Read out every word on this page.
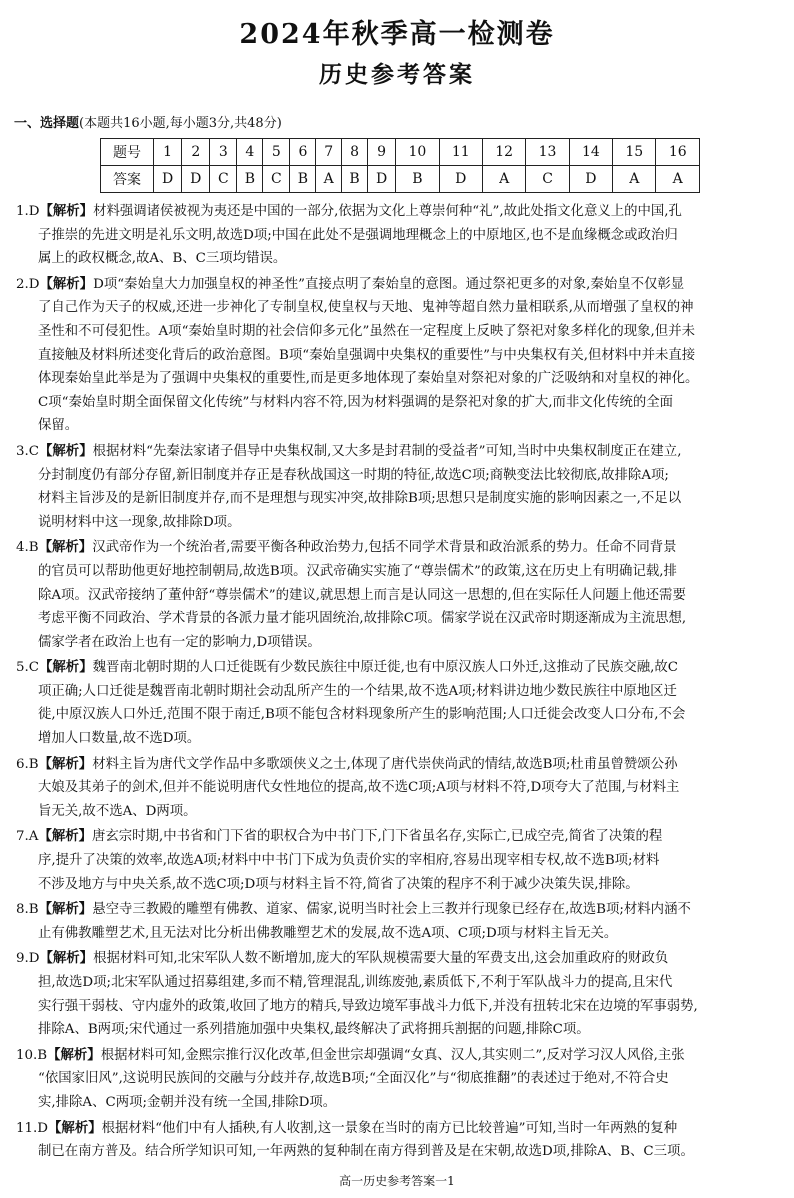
2024年秋季高一检测卷
历史参考答案
一、选择题(本题共16小题,每小题3分,共48分)
题号	1	2	3	4	5	6	7	8	9	10	11	12	13	14	15	16
答案	D	D	C	B	C	B	A	B	D	B	D	A	C	D	A	A
1.D【解析】材料强调诸侯被视为夷还是中国的一部分,依据为文化上尊崇何种“礼”,故此处指文化意义上的中国,孔
子推崇的先进文明是礼乐文明,故选D项;中国在此处不是强调地理概念上的中原地区,也不是血缘概念或政治归
属上的政权概念,故A、B、C三项均错误。
2.D【解析】D项“秦始皇大力加强皇权的神圣性”直接点明了秦始皇的意图。通过祭祀更多的对象,秦始皇不仅彰显
了自己作为天子的权威,还进一步神化了专制皇权,使皇权与天地、鬼神等超自然力量相联系,从而增强了皇权的神
圣性和不可侵犯性。A项“秦始皇时期的社会信仰多元化”虽然在一定程度上反映了祭祀对象多样化的现象,但并未
直接触及材料所述变化背后的政治意图。B项“秦始皇强调中央集权的重要性”与中央集权有关,但材料中并未直接
体现秦始皇此举是为了强调中央集权的重要性,而是更多地体现了秦始皇对祭祀对象的广泛吸纳和对皇权的神化。
C项“秦始皇时期全面保留文化传统”与材料内容不符,因为材料强调的是祭祀对象的扩大,而非文化传统的全面
保留。
3.C【解析】根据材料“先秦法家诸子倡导中央集权制,又大多是封君制的受益者”可知,当时中央集权制度正在建立,
分封制度仍有部分存留,新旧制度并存正是春秋战国这一时期的特征,故选C项;商鞅变法比较彻底,故排除A项;
材料主旨涉及的是新旧制度并存,而不是理想与现实冲突,故排除B项;思想只是制度实施的影响因素之一,不足以
说明材料中这一现象,故排除D项。
4.B【解析】汉武帝作为一个统治者,需要平衡各种政治势力,包括不同学术背景和政治派系的势力。任命不同背景
的官员可以帮助他更好地控制朝局,故选B项。汉武帝确实实施了“尊崇儒术”的政策,这在历史上有明确记载,排
除A项。汉武帝接纳了董仲舒“尊崇儒术”的建议,就思想上而言是认同这一思想的,但在实际任人问题上他还需要
考虑平衡不同政治、学术背景的各派力量才能巩固统治,故排除C项。儒家学说在汉武帝时期逐渐成为主流思想,
儒家学者在政治上也有一定的影响力,D项错误。
5.C【解析】魏晋南北朝时期的人口迁徙既有少数民族往中原迁徙,也有中原汉族人口外迁,这推动了民族交融,故C
项正确;人口迁徙是魏晋南北朝时期社会动乱所产生的一个结果,故不选A项;材料讲边地少数民族往中原地区迁
徙,中原汉族人口外迁,范围不限于南迁,B项不能包含材料现象所产生的影响范围;人口迁徙会改变人口分布,不会
增加人口数量,故不选D项。
6.B【解析】材料主旨为唐代文学作品中多歌颂侠义之士,体现了唐代崇侠尚武的情结,故选B项;杜甫虽曾赞颂公孙
大娘及其弟子的剑术,但并不能说明唐代女性地位的提高,故不选C项;A项与材料不符,D项夸大了范围,与材料主
旨无关,故不选A、D两项。
7.A【解析】唐玄宗时期,中书省和门下省的职权合为中书门下,门下省虽名存,实际亡,已成空壳,简省了决策的程
序,提升了决策的效率,故选A项;材料中中书门下成为负责价实的宰相府,容易出现宰相专权,故不选B项;材料
不涉及地方与中央关系,故不选C项;D项与材料主旨不符,简省了决策的程序不利于减少决策失误,排除。
8.B【解析】悬空寺三教殿的雕塑有佛教、道家、儒家,说明当时社会上三教并行现象已经存在,故选B项;材料内涵不
止有佛教雕塑艺术,且无法对比分析出佛教雕塑艺术的发展,故不选A项、C项;D项与材料主旨无关。
9.D【解析】根据材料可知,北宋军队人数不断增加,庞大的军队规模需要大量的军费支出,这会加重政府的财政负
担,故选D项;北宋军队通过招募组建,多而不精,管理混乱,训练废弛,素质低下,不利于军队战斗力的提高,且宋代
实行强干弱枝、守内虚外的政策,收回了地方的精兵,导致边境军事战斗力低下,并没有扭转北宋在边境的军事弱势,
排除A、B两项;宋代通过一系列措施加强中央集权,最终解决了武将拥兵割据的问题,排除C项。
10.B【解析】根据材料可知,金熙宗推行汉化改革,但金世宗却强调“女真、汉人,其实则二”,反对学习汉人风俗,主张
“依国家旧风”,这说明民族间的交融与分歧并存,故选B项;“全面汉化”与“彻底推翻”的表述过于绝对,不符合史
实,排除A、C两项;金朝并没有统一全国,排除D项。
11.D【解析】根据材料“他们中有人插秧,有人收割,这一景象在当时的南方已比较普遍”可知,当时一年两熟的复种
制已在南方普及。结合所学知识可知,一年两熟的复种制在南方得到普及是在宋朝,故选D项,排除A、B、C三项。
高一历史参考答案一1
